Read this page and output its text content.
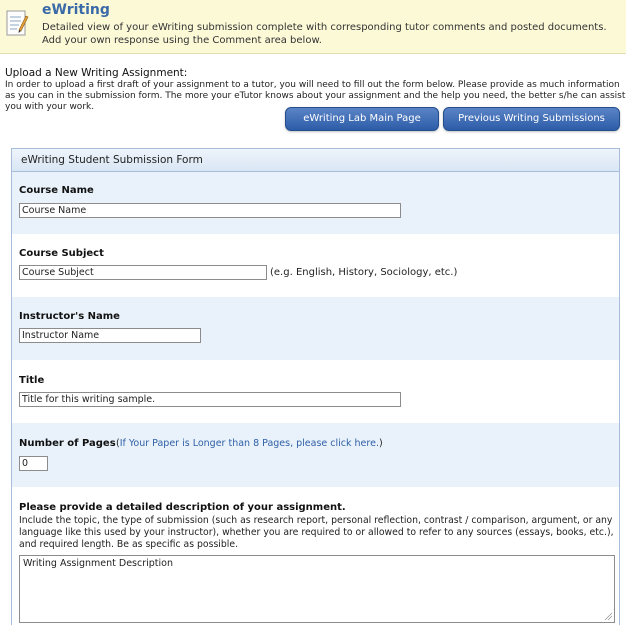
eWriting
Detailed view of your eWriting submission complete with corresponding tutor comments and posted documents. Add your own response using the Comment area below.
Upload a New Writing Assignment:
In order to upload a first draft of your assignment to a tutor, you will need to fill out the form below. Please provide as much information as you can in the submission form. The more your eTutor knows about your assignment and the help you need, the better s/he can assist you with your work.
eWriting Lab Main Page	Previous Writing Submissions
eWriting Student Submission Form
Course Name
Course Name
Course Subject
Course Subject	(e.g. English, History, Sociology, etc.)
Instructor's Name
Instructor Name
Title
Title for this writing sample.
Number of Pages (If Your Paper is Longer than 8 Pages, please click here.)
0
Please provide a detailed description of your assignment.
Include the topic, the type of submission (such as research report, personal reflection, contrast / comparison, argument, or any language like this used by your instructor), whether you are required to or allowed to refer to any sources (essays, books, etc.), and required length. Be as specific as possible.
Writing Assignment Description
